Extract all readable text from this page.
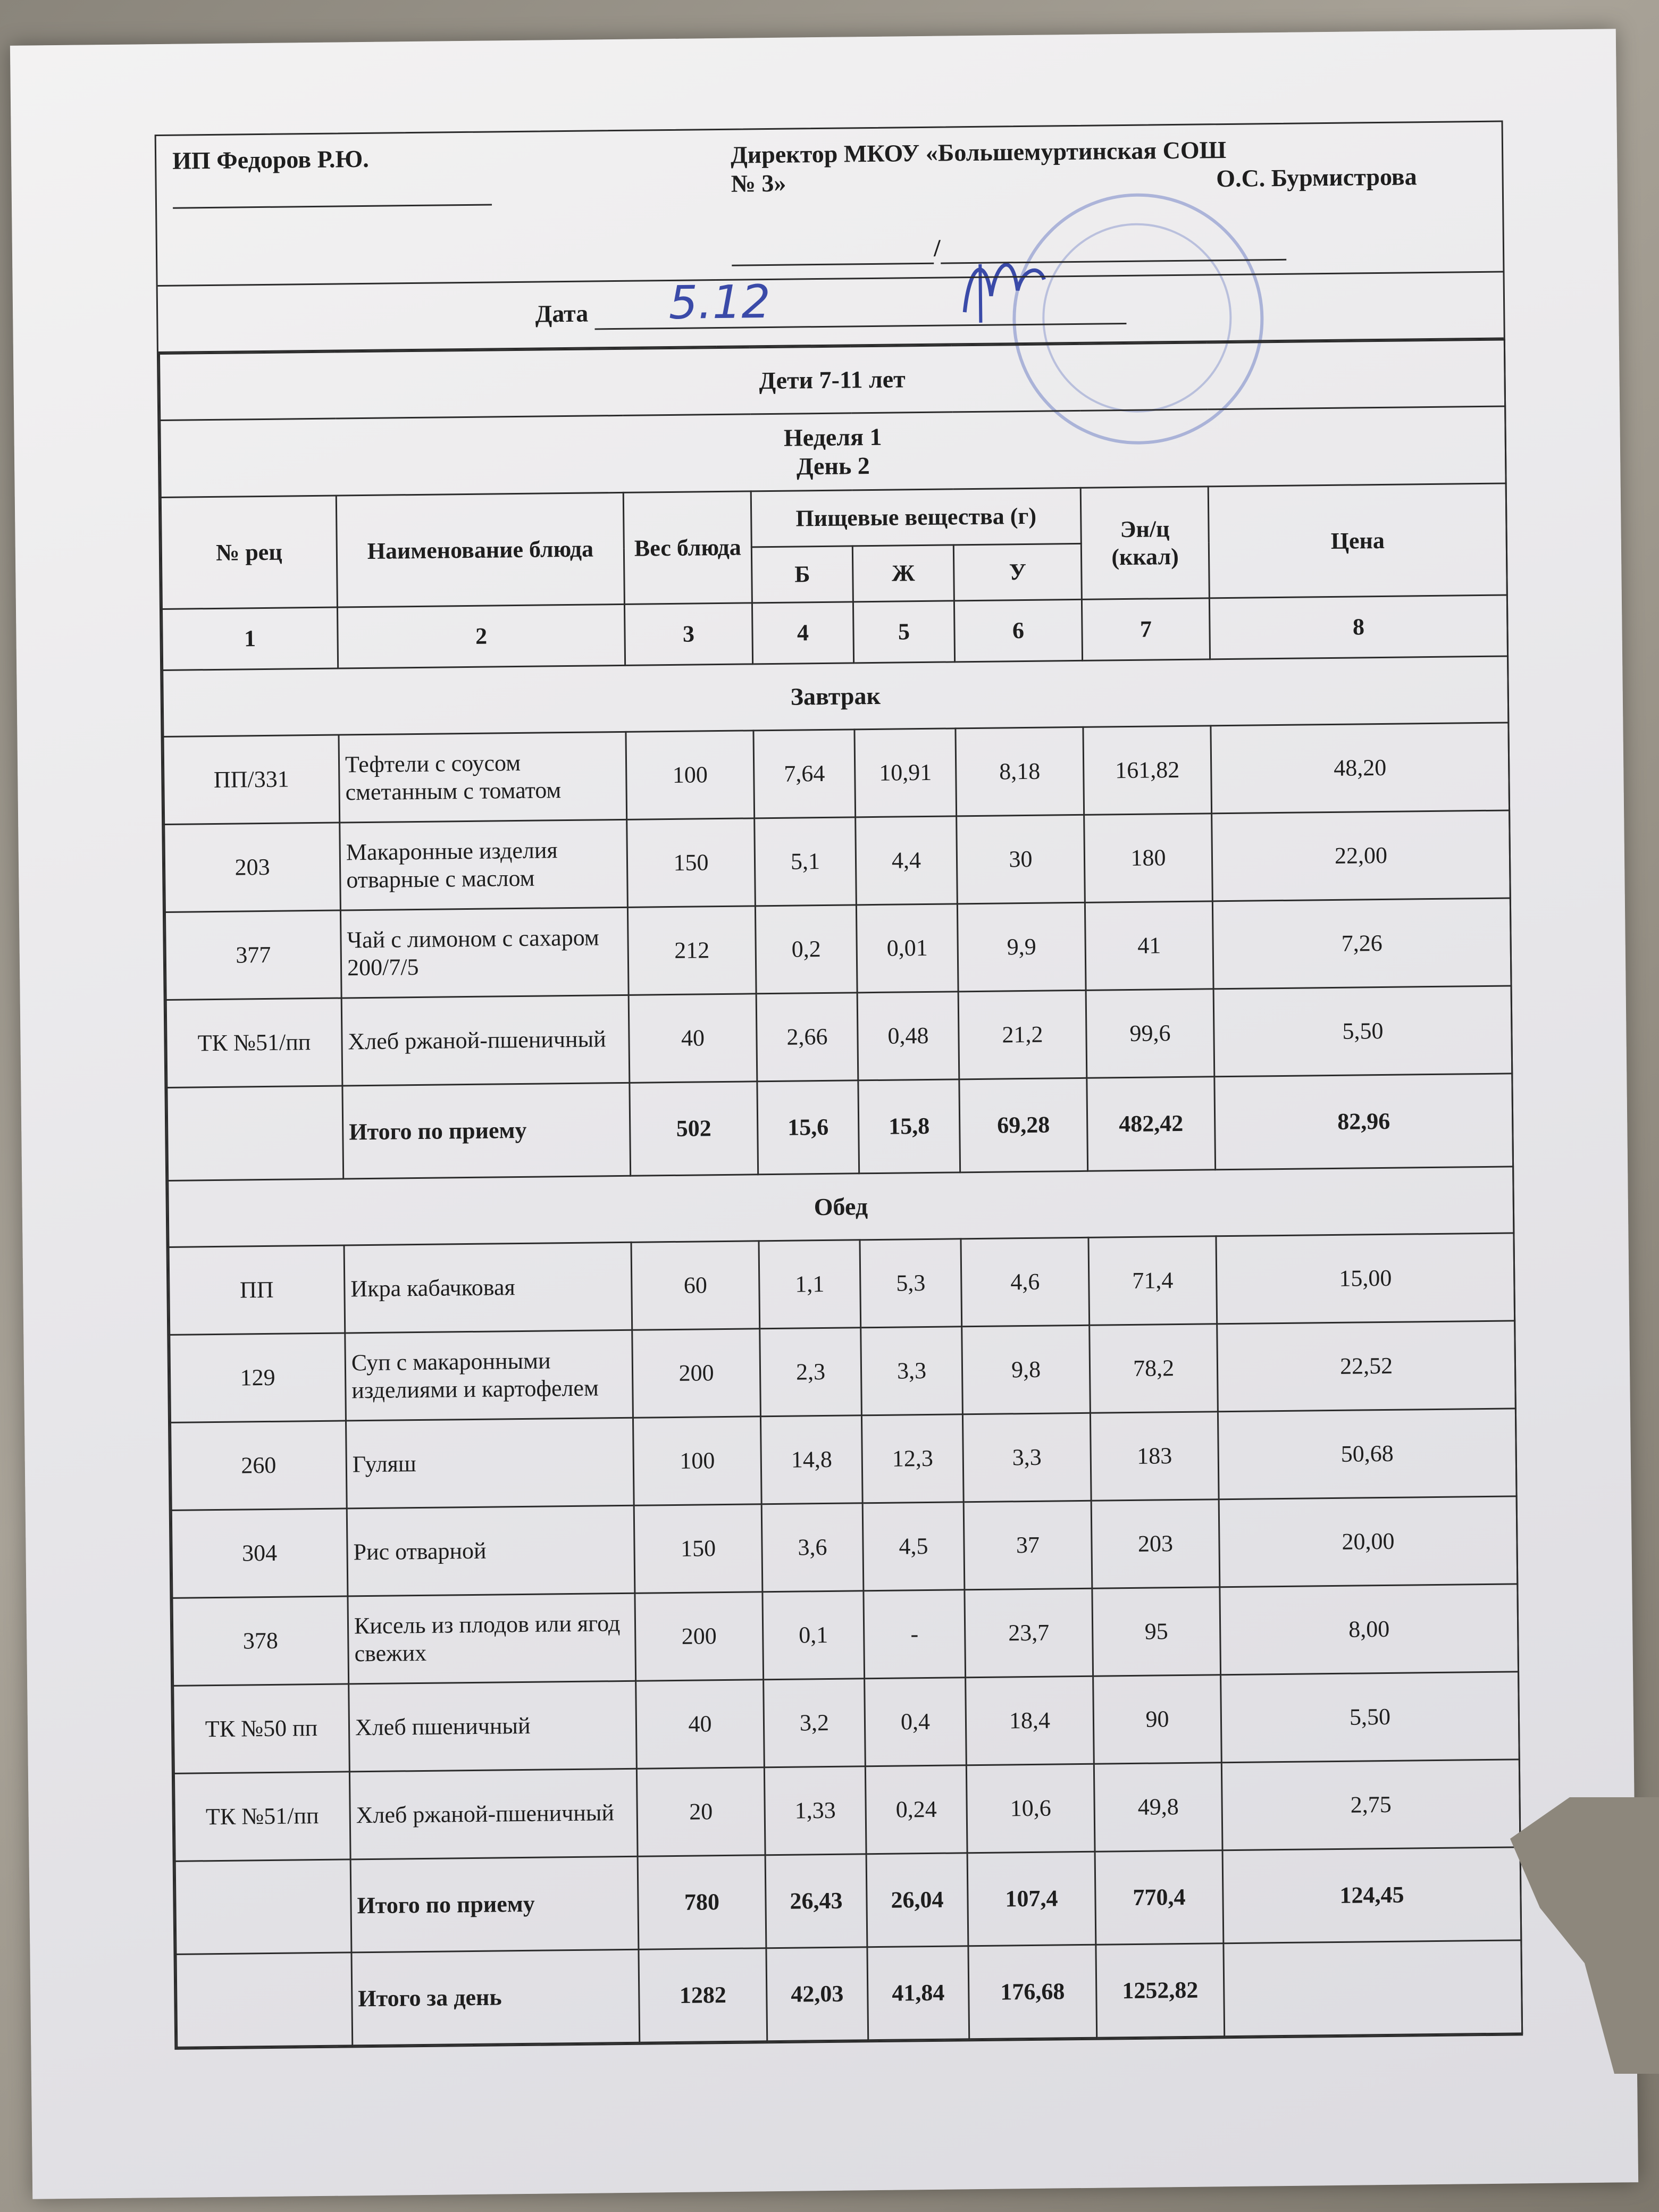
ИП Федоров Р.Ю.	Директор МКОУ «Большемуртинская СОШ
№ 3»	О.С. Бурмистрова
/

Дата 5.12

Дети 7-11 лет							

Неделя 1
День 2							

№ рец	Наименование блюда	Вес блюда	Пищевые вещества (г)			Эн/ц (ккал)	Цена
			Б	Ж	У		
1	2	3	4	5	6	7	8
Завтрак							
ПП/331	Тефтели с соусом сметанным с томатом	100	7,64	10,91	8,18	161,82	48,20
203	Макаронные изделия отварные с маслом	150	5,1	4,4	30	180	22,00
377	Чай с лимоном с сахаром 200/7/5	212	0,2	0,01	9,9	41	7,26
ТК №51/пп	Хлеб ржаной-пшеничный	40	2,66	0,48	21,2	99,6	5,50
	Итого по приему	502	15,6	15,8	69,28	482,42	82,96
Обед							
ПП	Икра кабачковая	60	1,1	5,3	4,6	71,4	15,00
129	Суп с макаронными изделиями и картофелем	200	2,3	3,3	9,8	78,2	22,52
260	Гуляш	100	14,8	12,3	3,3	183	50,68
304	Рис отварной	150	3,6	4,5	37	203	20,00
378	Кисель из плодов или ягод свежих	200	0,1	-	23,7	95	8,00
ТК №50 пп	Хлеб пшеничный	40	3,2	0,4	18,4	90	5,50
ТК №51/пп	Хлеб ржаной-пшеничный	20	1,33	0,24	10,6	49,8	2,75
	Итого по приему	780	26,43	26,04	107,4	770,4	124,45
	Итого за день	1282	42,03	41,84	176,68	1252,82	
